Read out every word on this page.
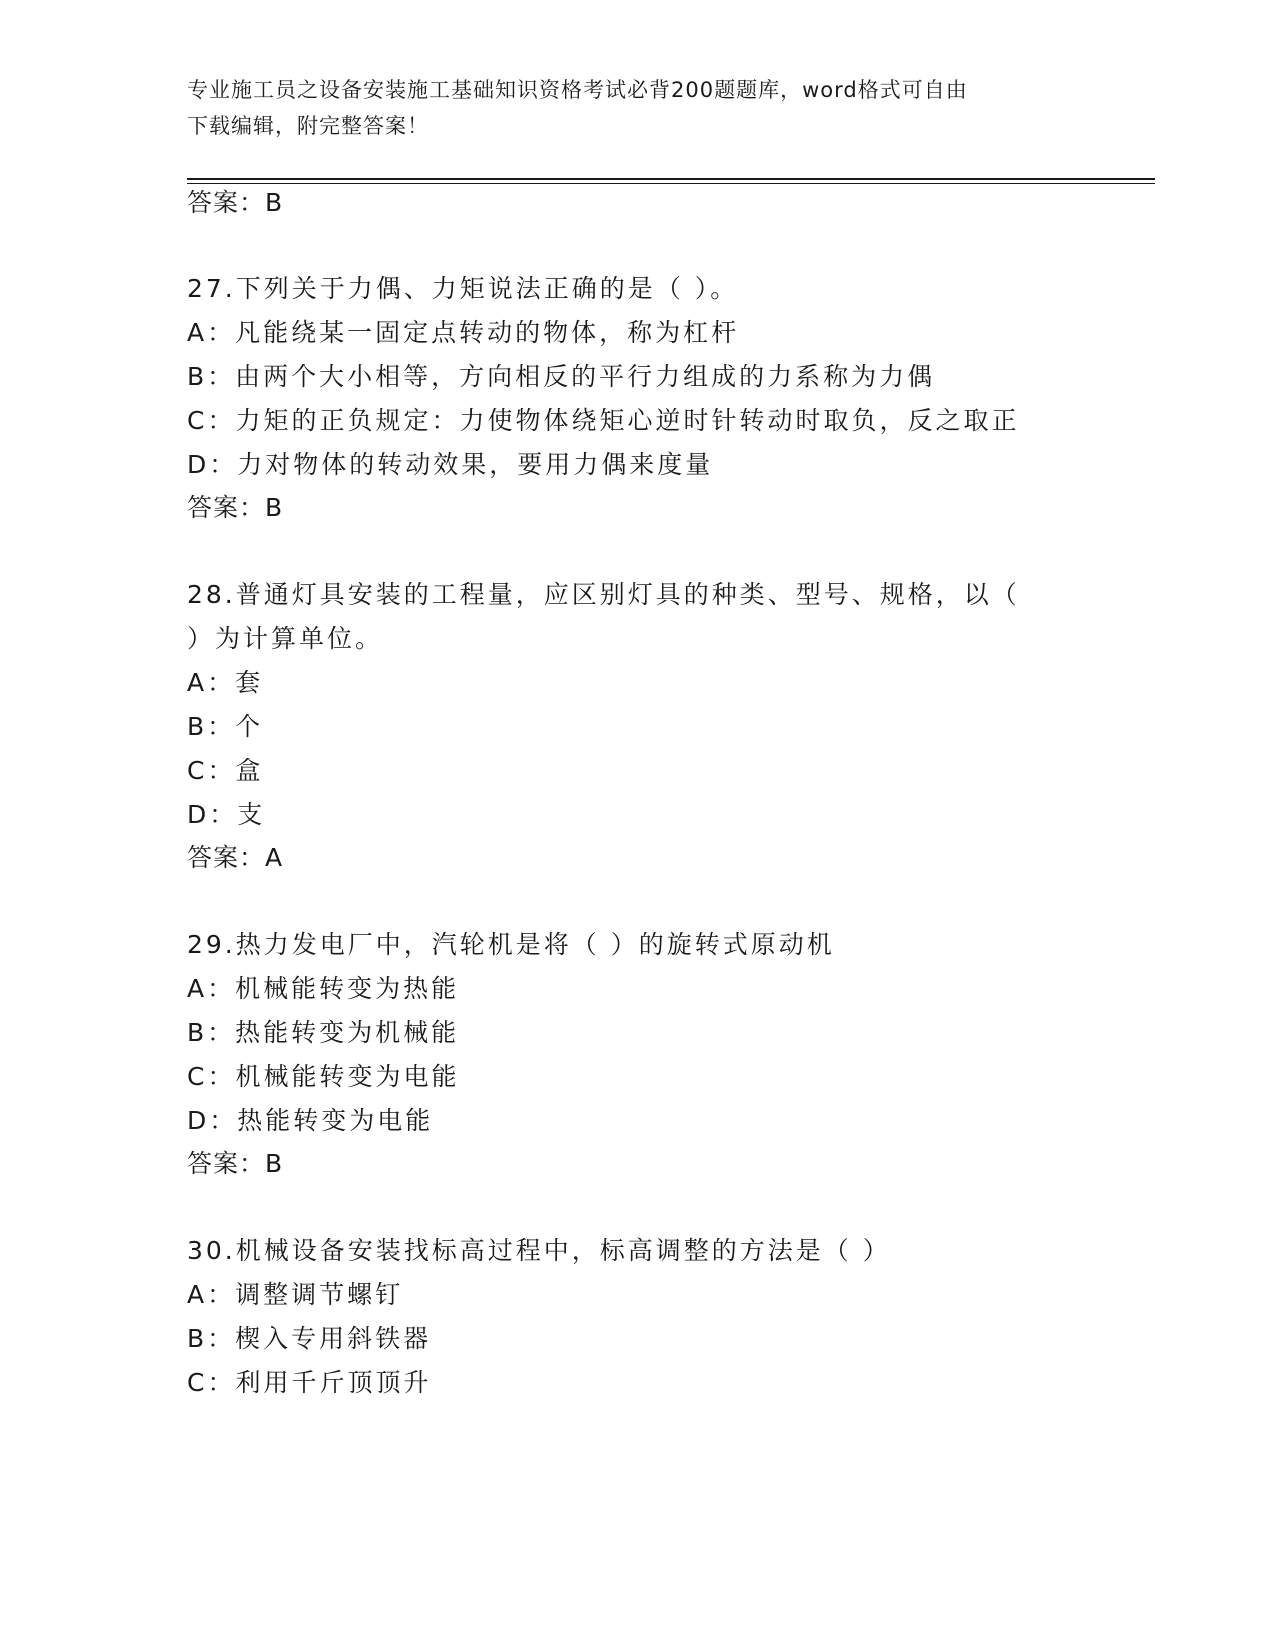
专业施工员之设备安装施工基础知识资格考试必背200题题库，word格式可自由
下载编辑，附完整答案！
答案：B
27.下列关于力偶、力矩说法正确的是（ ）。
A：凡能绕某一固定点转动的物体，称为杠杆
B：由两个大小相等，方向相反的平行力组成的力系称为力偶
C：力矩的正负规定：力使物体绕矩心逆时针转动时取负，反之取正
D：力对物体的转动效果，要用力偶来度量
答案：B
28.普通灯具安装的工程量，应区别灯具的种类、型号、规格，以（
）为计算单位。
A：套
B：个
C：盒
D：支
答案：A
29.热力发电厂中，汽轮机是将（ ）的旋转式原动机
A：机械能转变为热能
B：热能转变为机械能
C：机械能转变为电能
D：热能转变为电能
答案：B
30.机械设备安装找标高过程中，标高调整的方法是（ ）
A：调整调节螺钉
B：楔入专用斜铁器
C：利用千斤顶顶升
